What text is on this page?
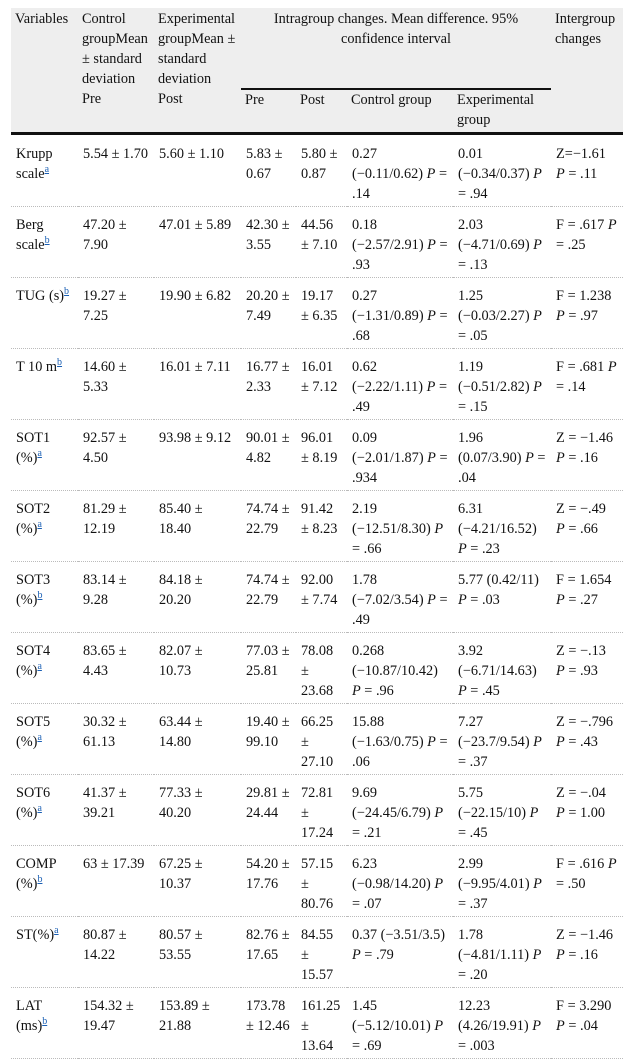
Variables	Control groupMean ± standard deviation	Experimental groupMean ± standard deviation	Intragroup changes. Mean difference. 95% confidence interval				Intergroup changes
	Pre	Post	Pre	Post	Control group	Experimental group	
Krupp scale$^a$	5.54 ± 1.70	5.60 ± 1.10	5.83 ± 0.67	5.80 ± 0.87	0.27 (−0.11/0.62) P = .14	0.01 (−0.34/0.37) P = .94	Z=−1.61 P = .11
Berg scale$^b$	47.20 ± 7.90	47.01 ± 5.89	42.30 ± 3.55	44.56 ± 7.10	0.18 (−2.57/2.91) P = .93	2.03 (−4.71/0.69) P = .13	F = .617 P = .25
TUG (s)$^b$	19.27 ± 7.25	19.90 ± 6.82	20.20 ± 7.49	19.17 ± 6.35	0.27 (−1.31/0.89) P = .68	1.25 (−0.03/2.27) P = .05	F = 1.238 P = .97
T 10 m$^b$	14.60 ± 5.33	16.01 ± 7.11	16.77 ± 2.33	16.01 ± 7.12	0.62 (−2.22/1.11) P = .49	1.19 (−0.51/2.82) P = .15	F = .681 P = .14
SOT1 (%)$^a$	92.57 ± 4.50	93.98 ± 9.12	90.01 ± 4.82	96.01 ± 8.19	0.09 (−2.01/1.87) P = .934	1.96 (0.07/3.90) P = .04	Z = −1.46 P = .16
SOT2 (%)$^a$	81.29 ± 12.19	85.40 ± 18.40	74.74 ± 22.79	91.42 ± 8.23	2.19 (−12.51/8.30) P = .66	6.31 (−4.21/16.52) P = .23	Z = −.49 P = .66
SOT3 (%)$^b$	83.14 ± 9.28	84.18 ± 20.20	74.74 ± 22.79	92.00 ± 7.74	1.78 (−7.02/3.54) P = .49	5.77 (0.42/11) P = .03	F = 1.654 P = .27
SOT4 (%)$^a$	83.65 ± 4.43	82.07 ± 10.73	77.03 ± 25.81	78.08 ± 23.68	0.268 (−10.87/10.42) P = .96	3.92 (−6.71/14.63) P = .45	Z = −.13 P = .93
SOT5 (%)$^a$	30.32 ± 61.13	63.44 ± 14.80	19.40 ± 99.10	66.25 ± 27.10	15.88 (−1.63/0.75) P = .06	7.27 (−23.7/9.54) P = .37	Z = −.796 P = .43
SOT6 (%)$^a$	41.37 ± 39.21	77.33 ± 40.20	29.81 ± 24.44	72.81 ± 17.24	9.69 (−24.45/6.79) P = .21	5.75 (−22.15/10) P = .45	Z = −.04 P = 1.00
COMP (%)$^b$	63 ± 17.39	67.25 ± 10.37	54.20 ± 17.76	57.15 ± 80.76	6.23 (−0.98/14.20) P = .07	2.99 (−9.95/4.01) P = .37	F = .616 P = .50
ST(%)$^a$	80.87 ± 14.22	80.57 ± 53.55	82.76 ± 17.65	84.55 ± 15.57	0.37 (−3.51/3.5) P = .79	1.78 (−4.81/1.11) P = .20	Z = −1.46 P = .16
LAT (ms)$^b$	154.32 ± 19.47	153.89 ± 21.88	173.78 ± 12.46	161.25 ± 13.64	1.45 (−5.12/10.01) P = .69	12.23 (4.26/19.91) P = .003	F = 3.290 P = .04
